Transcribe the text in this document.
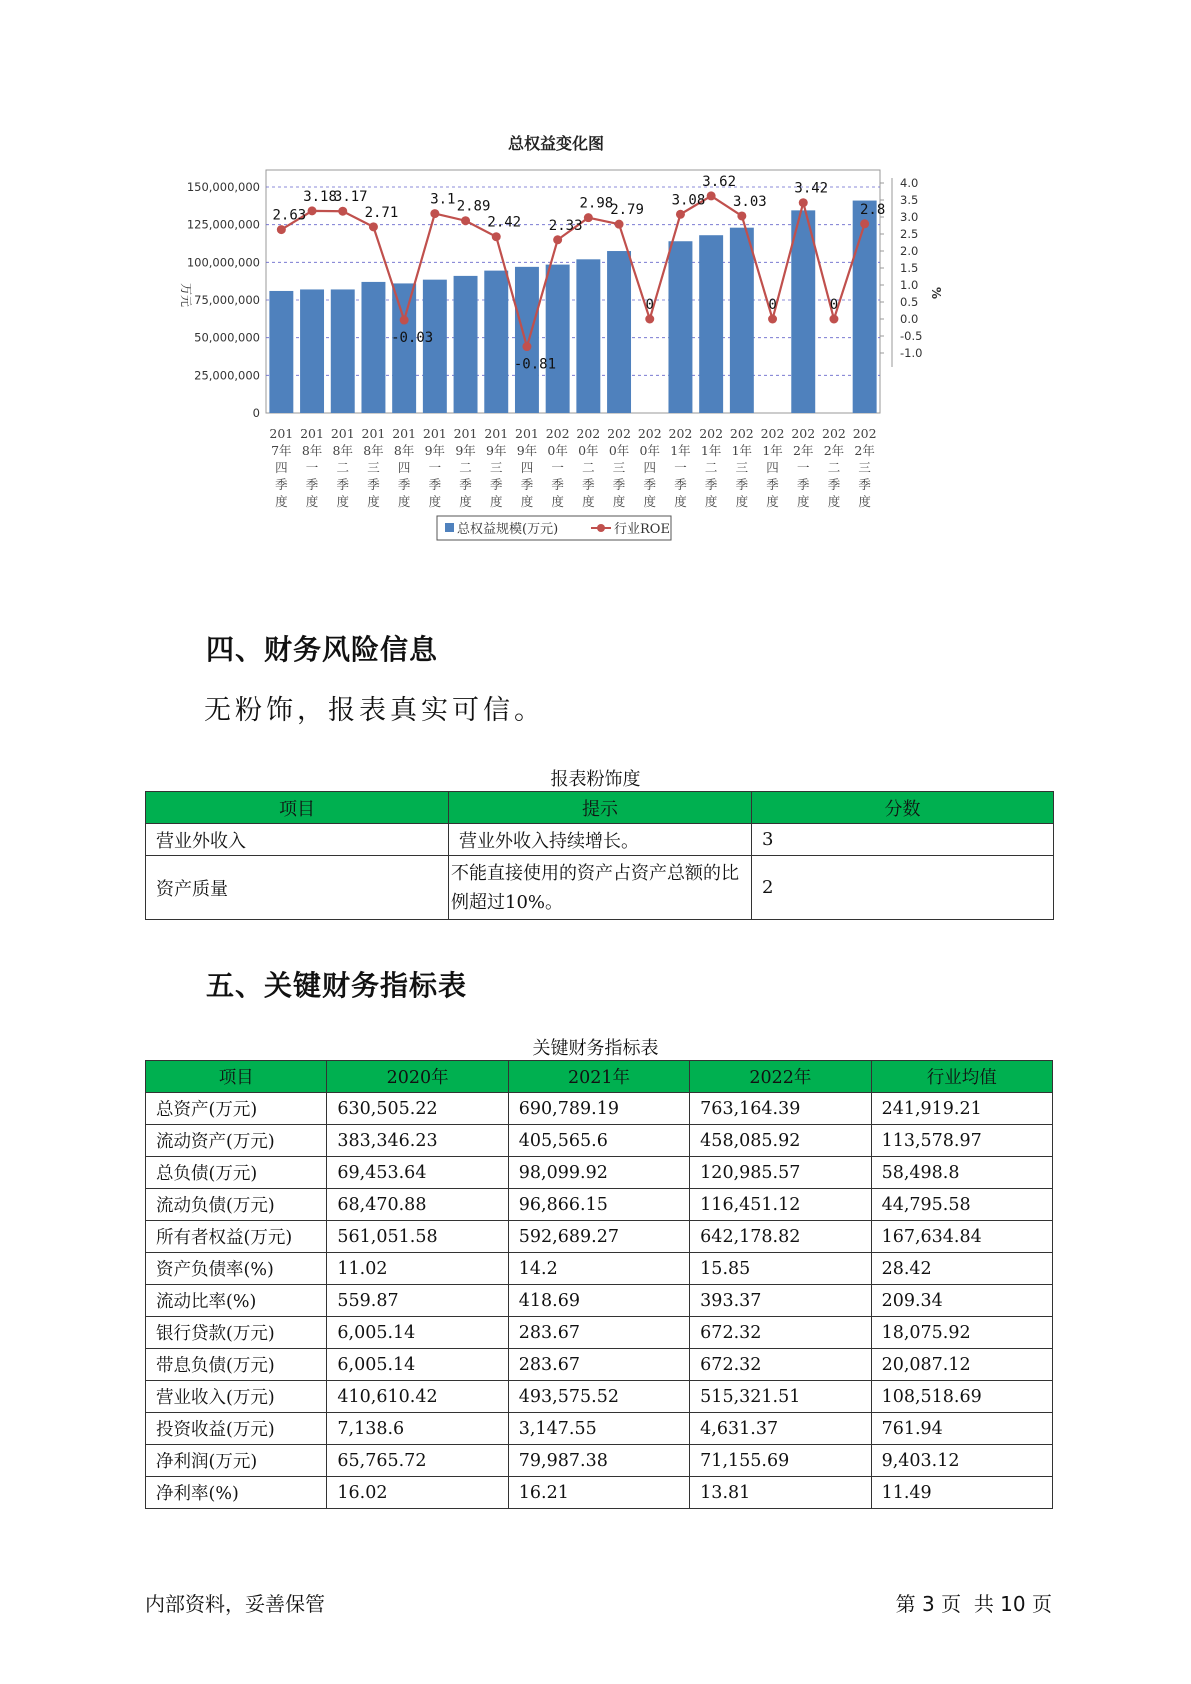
总权益变化图
0
25,000,000
50,000,000
75,000,000
100,000,000
125,000,000
150,000,000
-1.0
-0.5
0.0
0.5
1.0
1.5
2.0
2.5
3.0
3.5
4.0
万元	%
201 7年四季度
201 8年一季度
201 8年二季度
201 8年三季度
201 8年四季度
201 9年一季度
201 9年二季度
201 9年三季度
201 9年四季度
202 0年一季度
202 0年二季度
202 0年三季度
202 0年四季度
202 1年一季度
202 1年二季度
202 1年三季度
202 1年四季度
202 2年一季度
202 2年二季度
202 2年三季度
2.63
3.18
3.17
2.71
-0.03
3.1 2.89
2.42
-0.81
2.33
2.98
2.79
0
3.08
3.62
3.03
0
3.42
0
2.8
总权益规模(万元)	行业ROE
四、财务风险信息
无粉饰，报表真实可信。
报表粉饰度
项目	提示	分数
营业外收入	营业外收入持续增长。	3
资产质量	不能直接使用的资产占资产总额的比例超过10%。	2
五、关键财务指标表
关键财务指标表
项目	2020年	2021年	2022年	行业均值
总资产(万元)	630,505.22	690,789.19	763,164.39	241,919.21
流动资产(万元)	383,346.23	405,565.6	458,085.92	113,578.97
总负债(万元)	69,453.64	98,099.92	120,985.57	58,498.8
流动负债(万元)	68,470.88	96,866.15	116,451.12	44,795.58
所有者权益(万元)	561,051.58	592,689.27	642,178.82	167,634.84
资产负债率(%)	11.02	14.2	15.85	28.42
流动比率(%)	559.87	418.69	393.37	209.34
银行贷款(万元)	6,005.14	283.67	672.32	18,075.92
带息负债(万元)	6,005.14	283.67	672.32	20,087.12
营业收入(万元)	410,610.42	493,575.52	515,321.51	108,518.69
投资收益(万元)	7,138.6	3,147.55	4,631.37	761.94
净利润(万元)	65,765.72	79,987.38	71,155.69	9,403.12
净利率(%)	16.02	16.21	13.81	11.49
内部资料，妥善保管	第 3 页  共 10 页
